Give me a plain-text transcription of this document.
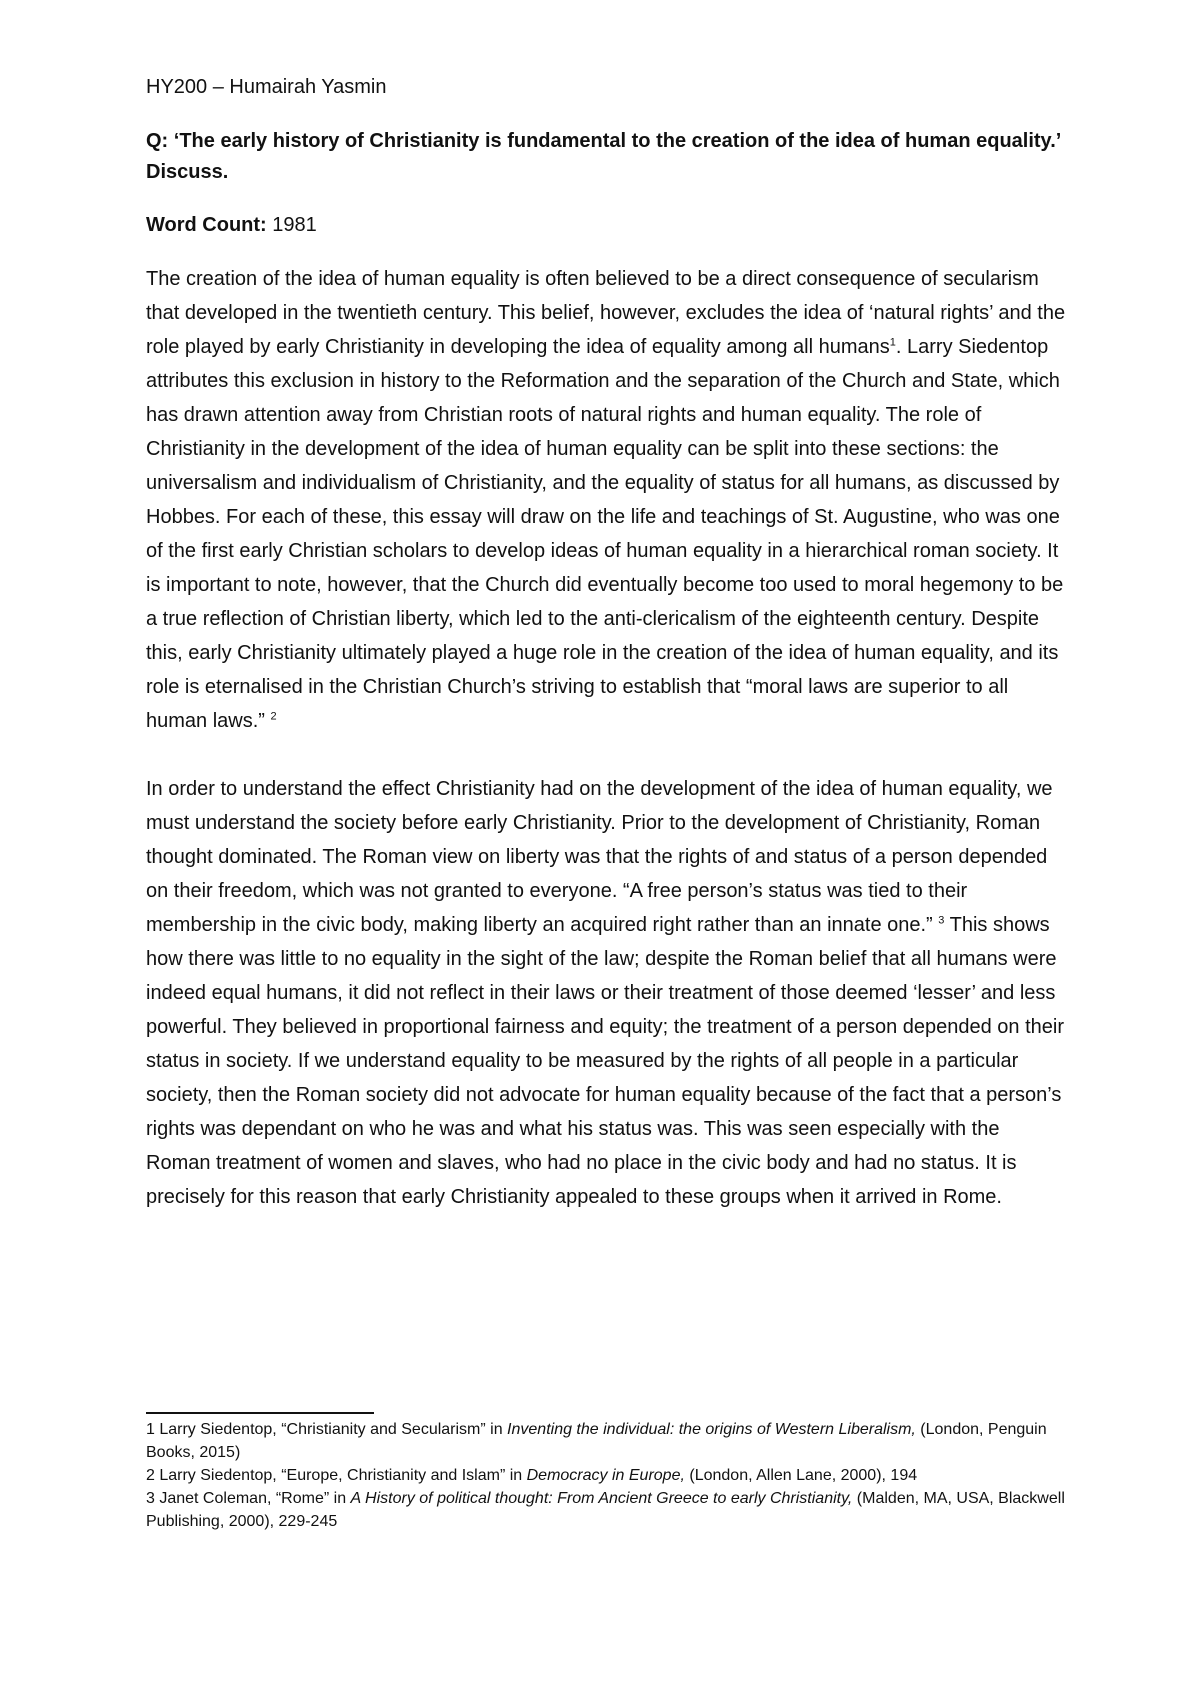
HY200 – Humairah Yasmin

Q: ‘The early history of Christianity is fundamental to the creation of the idea of human equality.’ Discuss.

Word Count: 1981

The creation of the idea of human equality is often believed to be a direct consequence of secularism that developed in the twentieth century. This belief, however, excludes the idea of ‘natural rights’ and the role played by early Christianity in developing the idea of equality among all humans$^1$. Larry Siedentop attributes this exclusion in history to the Reformation and the separation of the Church and State, which has drawn attention away from Christian roots of natural rights and human equality. The role of Christianity in the development of the idea of human equality can be split into these sections: the universalism and individualism of Christianity, and the equality of status for all humans, as discussed by Hobbes. For each of these, this essay will draw on the life and teachings of St. Augustine, who was one of the first early Christian scholars to develop ideas of human equality in a hierarchical roman society. It is important to note, however, that the Church did eventually become too used to moral hegemony to be a true reflection of Christian liberty, which led to the anti-clericalism of the eighteenth century. Despite this, early Christianity ultimately played a huge role in the creation of the idea of human equality, and its role is eternalised in the Christian Church’s striving to establish that “moral laws are superior to all human laws.” $^2$

In order to understand the effect Christianity had on the development of the idea of human equality, we must understand the society before early Christianity. Prior to the development of Christianity, Roman thought dominated. The Roman view on liberty was that the rights of and status of a person depended on their freedom, which was not granted to everyone. “A free person’s status was tied to their membership in the civic body, making liberty an acquired right rather than an innate one.” $^3$ This shows how there was little to no equality in the sight of the law; despite the Roman belief that all humans were indeed equal humans, it did not reflect in their laws or their treatment of those deemed ‘lesser’ and less powerful. They believed in proportional fairness and equity; the treatment of a person depended on their status in society. If we understand equality to be measured by the rights of all people in a particular society, then the Roman society did not advocate for human equality because of the fact that a person’s rights was dependant on who he was and what his status was. This was seen especially with the Roman treatment of women and slaves, who had no place in the civic body and had no status. It is precisely for this reason that early Christianity appealed to these groups when it arrived in Rome.

1 Larry Siedentop, “Christianity and Secularism” in Inventing the individual: the origins of Western Liberalism, (London, Penguin Books, 2015)

2 Larry Siedentop, “Europe, Christianity and Islam” in Democracy in Europe, (London, Allen Lane, 2000), 194

3 Janet Coleman, “Rome” in A History of political thought: From Ancient Greece to early Christianity, (Malden, MA, USA, Blackwell Publishing, 2000), 229-245
